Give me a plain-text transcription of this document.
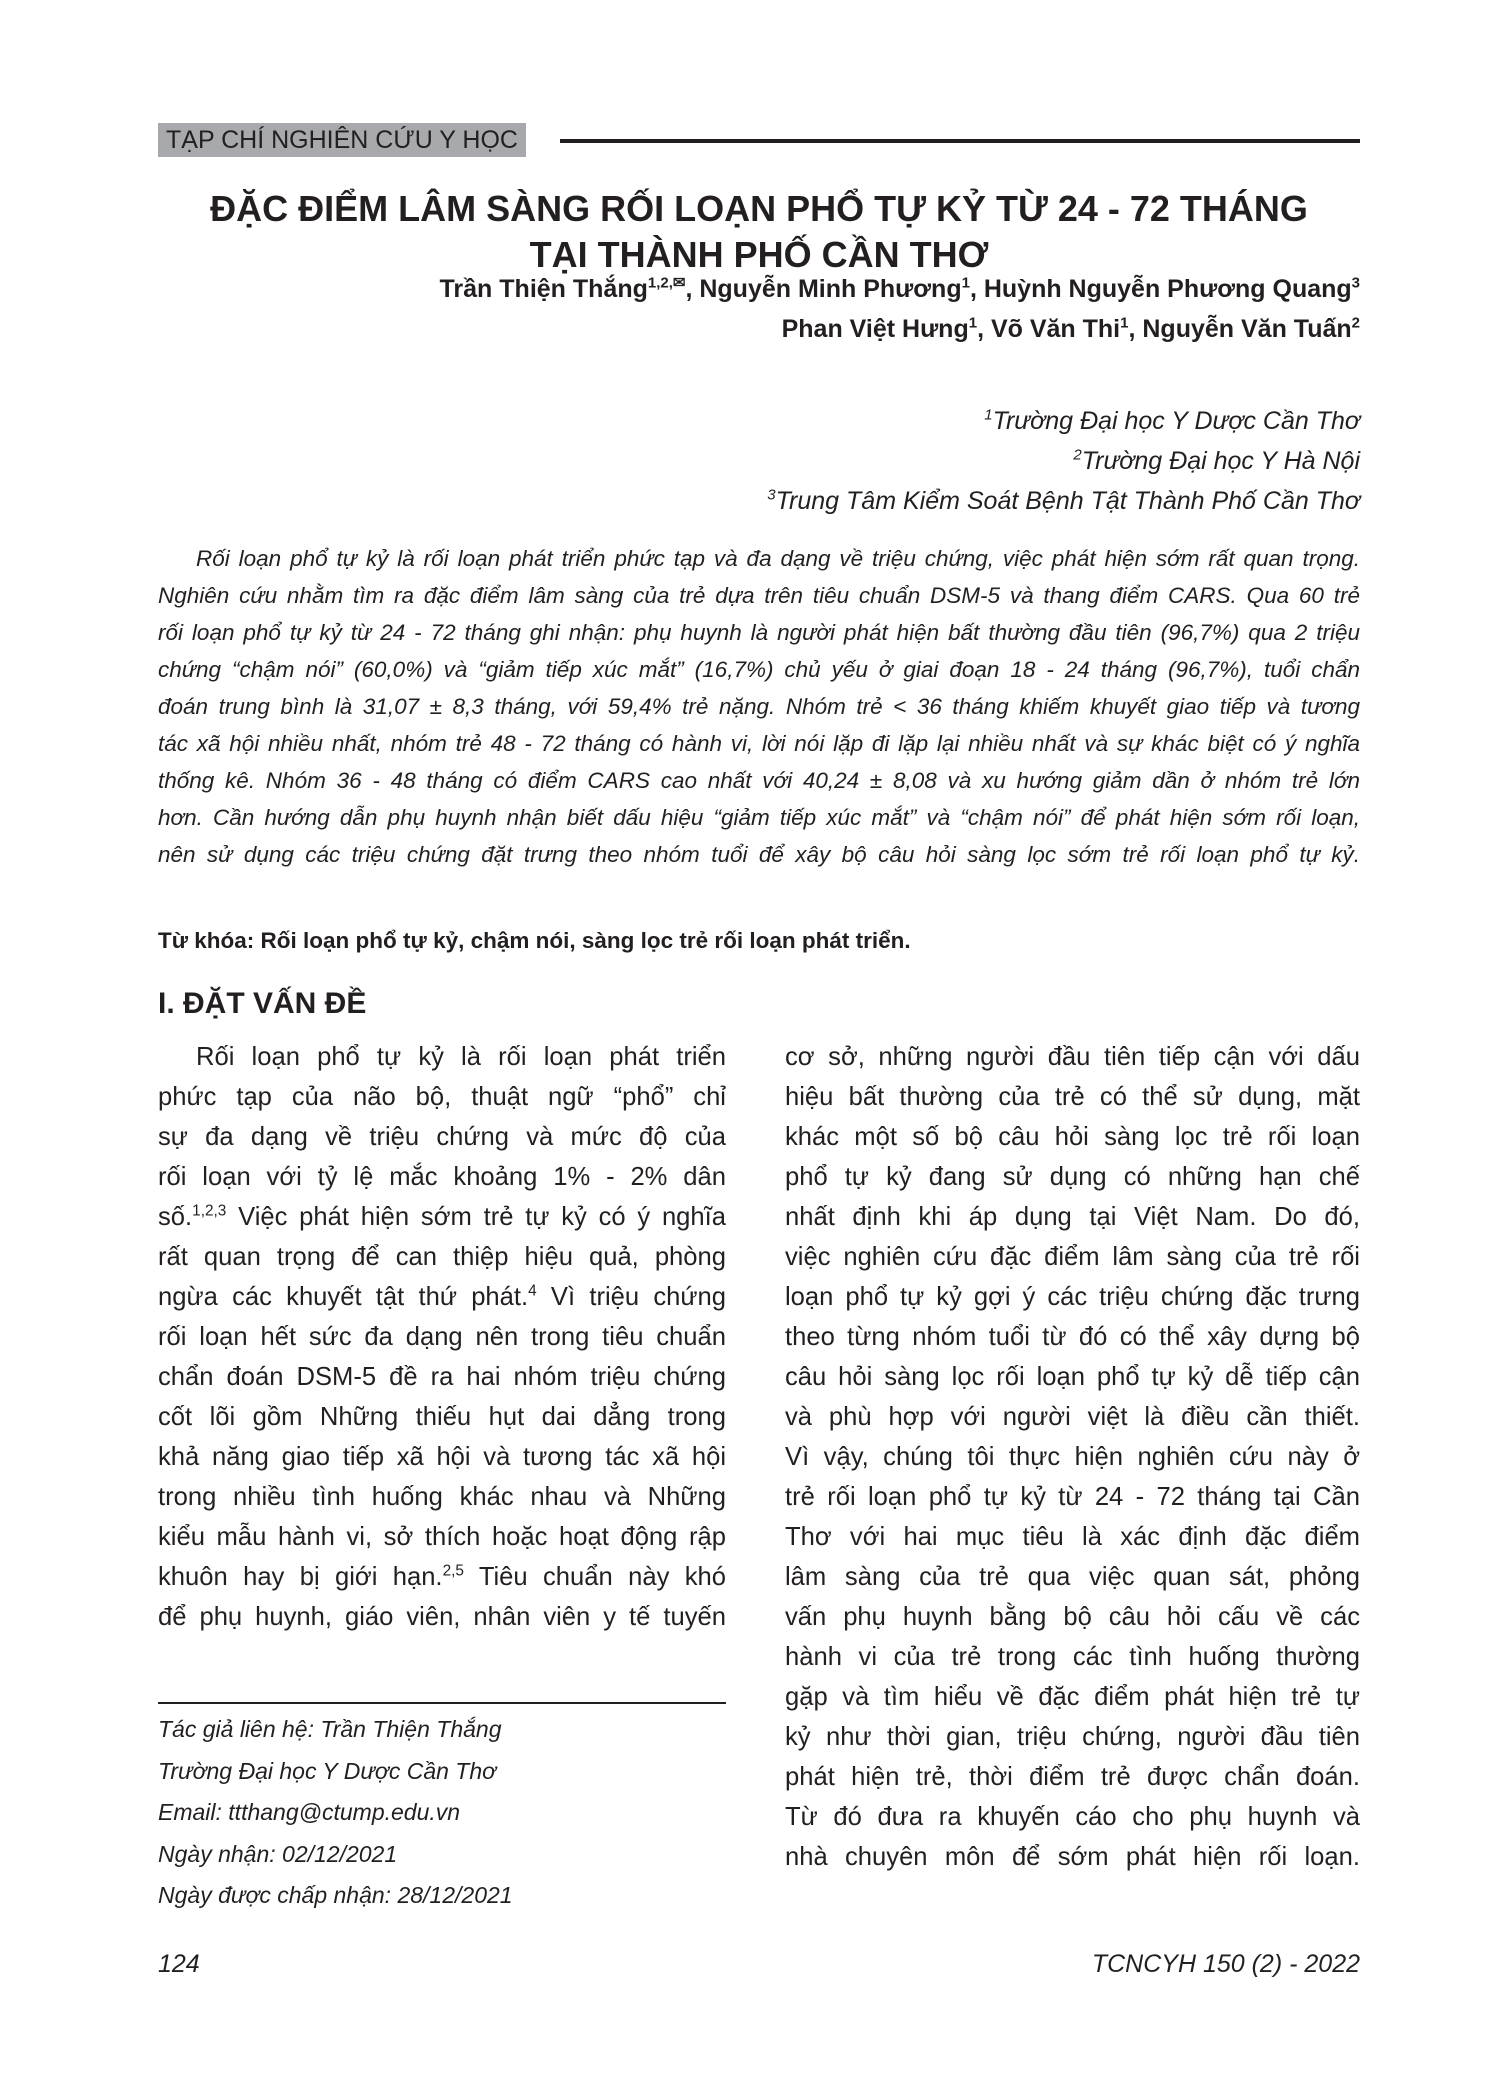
TẠP CHÍ NGHIÊN CỨU Y HỌC
ĐẶC ĐIỂM LÂM SÀNG RỐI LOẠN PHỔ TỰ KỶ TỪ 24 - 72 THÁNG
TẠI THÀNH PHỐ CẦN THƠ
Trần Thiện Thắng$^{1,2,✉}$, Nguyễn Minh Phương$^1$, Huỳnh Nguyễn Phương Quang$^3$
Phan Việt Hưng$^1$, Võ Văn Thi$^1$, Nguyễn Văn Tuấn$^2$
$^1$Trường Đại học Y Dược Cần Thơ
$^2$Trường Đại học Y Hà Nội
$^3$Trung Tâm Kiểm Soát Bệnh Tật Thành Phố Cần Thơ
Rối loạn phổ tự kỷ là rối loạn phát triển phức tạp và đa dạng về triệu chứng, việc phát hiện sớm rất quan trọng.
Nghiên cứu nhằm tìm ra đặc điểm lâm sàng của trẻ dựa trên tiêu chuẩn DSM-5 và thang điểm CARS. Qua 60 trẻ
rối loạn phổ tự kỷ từ 24 - 72 tháng ghi nhận: phụ huynh là người phát hiện bất thường đầu tiên (96,7%) qua 2 triệu
chứng “chậm nói” (60,0%) và “giảm tiếp xúc mắt” (16,7%) chủ yếu ở giai đoạn 18 - 24 tháng (96,7%), tuổi chẩn
đoán trung bình là 31,07 ± 8,3 tháng, với 59,4% trẻ nặng. Nhóm trẻ < 36 tháng khiếm khuyết giao tiếp và tương
tác xã hội nhiều nhất, nhóm trẻ 48 - 72 tháng có hành vi, lời nói lặp đi lặp lại nhiều nhất và sự khác biệt có ý nghĩa
thống kê. Nhóm 36 - 48 tháng có điểm CARS cao nhất với 40,24 ± 8,08 và xu hướng giảm dần ở nhóm trẻ lớn
hơn. Cần hướng dẫn phụ huynh nhận biết dấu hiệu “giảm tiếp xúc mắt” và “chậm nói” để phát hiện sớm rối loạn,
nên sử dụng các triệu chứng đặt trưng theo nhóm tuổi để xây bộ câu hỏi sàng lọc sớm trẻ rối loạn phổ tự kỷ.
Từ khóa: Rối loạn phổ tự kỷ, chậm nói, sàng lọc trẻ rối loạn phát triển.
I. ĐẶT VẤN ĐỀ
Rối loạn phổ tự kỷ là rối loạn phát triển
phức tạp của não bộ, thuật ngữ “phổ” chỉ
sự đa dạng về triệu chứng và mức độ của
rối loạn với tỷ lệ mắc khoảng 1% - 2% dân
số.$^{1,2,3}$ Việc phát hiện sớm trẻ tự kỷ có ý nghĩa
rất quan trọng để can thiệp hiệu quả, phòng
ngừa các khuyết tật thứ phát.$^4$ Vì triệu chứng
rối loạn hết sức đa dạng nên trong tiêu chuẩn
chẩn đoán DSM-5 đề ra hai nhóm triệu chứng
cốt lõi gồm Những thiếu hụt dai dẳng trong
khả năng giao tiếp xã hội và tương tác xã hội
trong nhiều tình huống khác nhau và Những
kiểu mẫu hành vi, sở thích hoặc hoạt động rập
khuôn hay bị giới hạn.$^{2,5}$ Tiêu chuẩn này khó
để phụ huynh, giáo viên, nhân viên y tế tuyến
cơ sở, những người đầu tiên tiếp cận với dấu
hiệu bất thường của trẻ có thể sử dụng, mặt
khác một số bộ câu hỏi sàng lọc trẻ rối loạn
phổ tự kỷ đang sử dụng có những hạn chế
nhất định khi áp dụng tại Việt Nam. Do đó,
việc nghiên cứu đặc điểm lâm sàng của trẻ rối
loạn phổ tự kỷ gợi ý các triệu chứng đặc trưng
theo từng nhóm tuổi từ đó có thể xây dựng bộ
câu hỏi sàng lọc rối loạn phổ tự kỷ dễ tiếp cận
và phù hợp với người việt là điều cần thiết.
Vì vậy, chúng tôi thực hiện nghiên cứu này ở
trẻ rối loạn phổ tự kỷ từ 24 - 72 tháng tại Cần
Thơ với hai mục tiêu là xác định đặc điểm
lâm sàng của trẻ qua việc quan sát, phỏng
vấn phụ huynh bằng bộ câu hỏi cấu về các
hành vi của trẻ trong các tình huống thường
gặp và tìm hiểu về đặc điểm phát hiện trẻ tự
kỷ như thời gian, triệu chứng, người đầu tiên
phát hiện trẻ, thời điểm trẻ được chẩn đoán.
Từ đó đưa ra khuyến cáo cho phụ huynh và
nhà chuyên môn để sớm phát hiện rối loạn.
Tác giả liên hệ: Trần Thiện Thắng
Trường Đại học Y Dược Cần Thơ
Email: ttthang@ctump.edu.vn
Ngày nhận: 02/12/2021
Ngày được chấp nhận: 28/12/2021
124	TCNCYH 150 (2) - 2022
